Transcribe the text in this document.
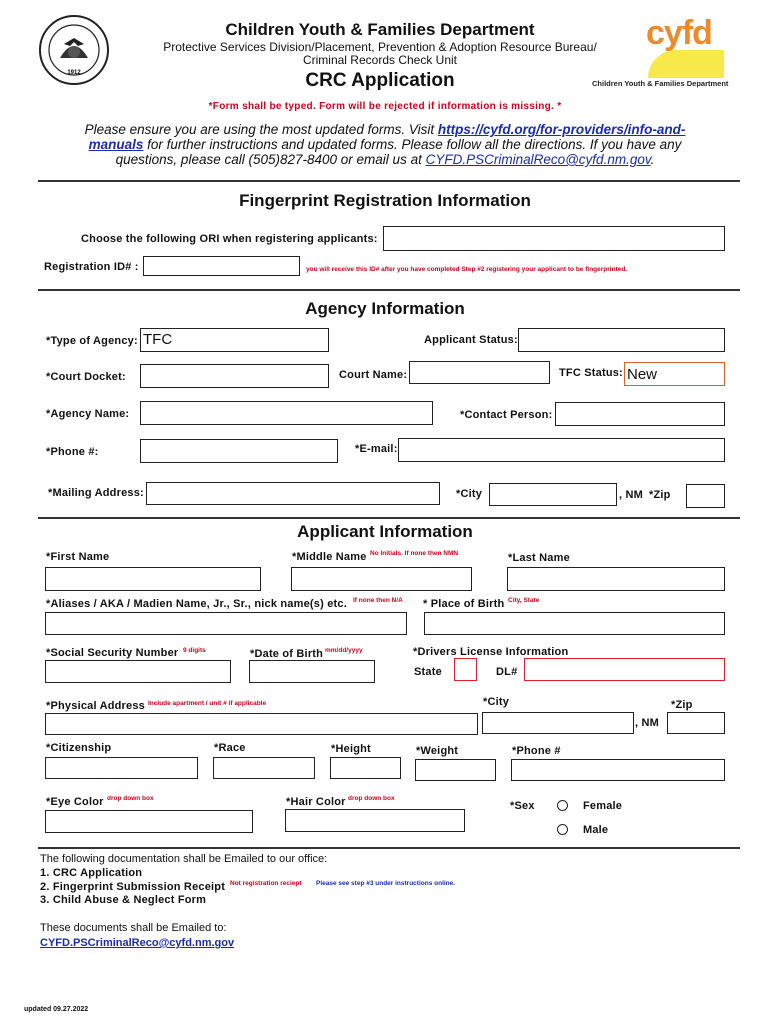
1912
Children Youth & Families Department
Protective Services Division/Placement, Prevention & Adoption Resource Bureau/
Criminal Records Check Unit
CRC Application
cyfd
Children Youth & Families Department
*Form shall be typed. Form will be rejected if information is missing. *
Please ensure you are using the most updated forms. Visit https://cyfd.org/for-providers/info-and-
manuals for further instructions and updated forms. Please follow all the directions. If you have any
questions, please call (505)827-8400 or email us at CYFD.PSCriminalReco@cyfd.nm.gov.
Fingerprint Registration Information
Choose the following ORI when registering applicants:
Registration ID# :	you will receive this ID# after you have completed Step #2 registering your applicant to be fingerprinted.
Agency Information
*Type of Agency: TFC	Applicant Status:
*Court Docket:	Court Name:	TFC Status: New
*Agency Name:	*Contact Person:
*Phone #:	*E-mail:
*Mailing Address:	*City	, NM *Zip
Applicant Information
*First Name	*Middle Name No Initials. If none then NMN	*Last Name
*Aliases / AKA / Madien Name, Jr., Sr., nick name(s) etc. If none then N/A * Place of Birth City, State
*Social Security Number 9 digits	*Date of Birth mm/dd/yyyy	*Drivers License Information
State	DL#
*Physical Address Include apartment / unit # if applicable	*City
, NM
*Zip
*Citizenship	*Race	*Height	*Weight	*Phone #
*Eye Color drop down box	*Hair Color drop down box
*Sex	Female
Male
The following documentation shall be Emailed to our office:
1. CRC Application
2. Fingerprint Submission Receipt Not registration reciept Please see step #3 under instructions online.
3. Child Abuse & Neglect Form
These documents shall be Emailed to:
CYFD.PSCriminalReco@cyfd.nm.gov
updated 09.27.2022
